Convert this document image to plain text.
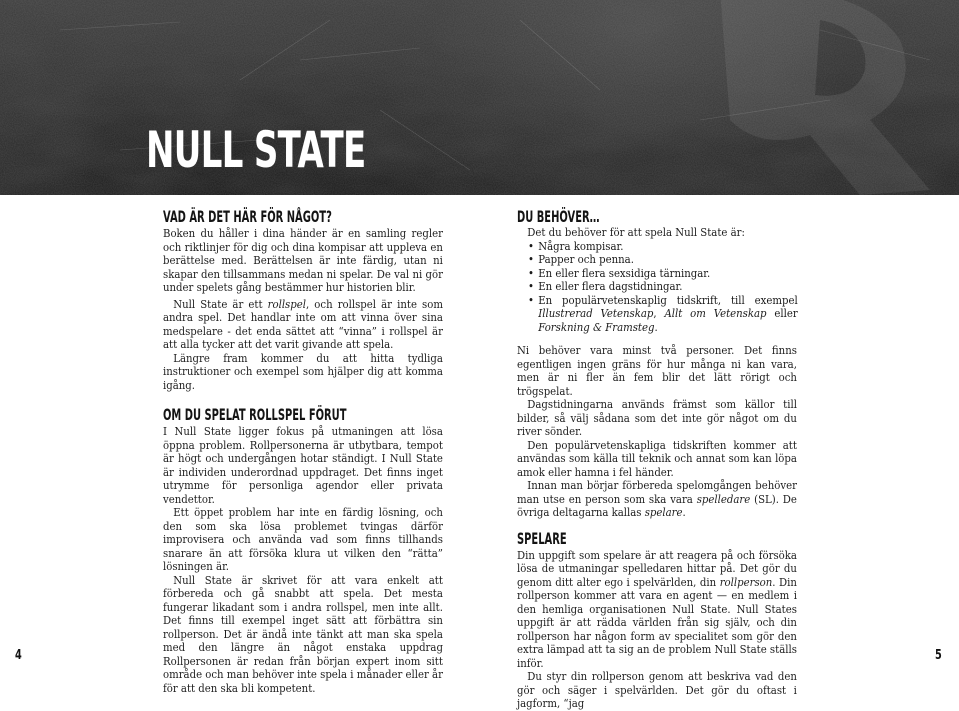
NULL STATE
VAD ÄR DET HÄR FÖR NÅGOT?
Boken du håller i dina händer är en samling regler och riktlinjer för dig och dina kompisar att uppleva en berättelse med. Berättelsen är inte färdig, utan ni skapar den tillsammans medan ni spelar. De val ni gör under spelets gång bestämmer hur historien blir.
Null State är ett rollspel, och rollspel är inte som andra spel. Det handlar inte om att vinna över sina medspelare - det enda sättet att “vinna” i rollspel är att alla tycker att det varit givande att spela.
Längre fram kommer du att hitta tydliga instruktioner och exempel som hjälper dig att komma igång.
OM DU SPELAT ROLLSPEL FÖRUT
I Null State ligger fokus på utmaningen att lösa öppna problem. Rollpersonerna är utbytbara, tempot är högt och undergången hotar ständigt. I Null State är individen underordnad uppdraget. Det finns inget utrymme för personliga agendor eller privata vendettor.
Ett öppet problem har inte en färdig lösning, och den som ska lösa problemet tvingas därför improvisera och använda vad som finns tillhands snarare än att försöka klura ut vilken den “rätta” lösningen är.
Null State är skrivet för att vara enkelt att förbereda och gå snabbt att spela. Det mesta fungerar likadant som i andra rollspel, men inte allt. Det finns till exempel inget sätt att förbättra sin rollperson. Det är ändå inte tänkt att man ska spela med den längre än något enstaka uppdrag Rollpersonen är redan från början expert inom sitt område och man behöver inte spela i månader eller år för att den ska bli kompetent.
DU BEHÖVER…
Det du behöver för att spela Null State är:
• Några kompisar.
• Papper och penna.
• En eller flera sexsidiga tärningar.
• En eller flera dagstidningar.
• En populärvetenskaplig tidskrift, till exempel Illustrerad Vetenskap, Allt om Vetenskap eller Forskning & Framsteg.
Ni behöver vara minst två personer. Det finns egentligen ingen gräns för hur många ni kan vara, men är ni fler än fem blir det lätt rörigt och trögspelat.
Dagstidningarna används främst som källor till bilder, så välj sådana som det inte gör något om du river sönder.
Den populärvetenskapliga tidskriften kommer att användas som källa till teknik och annat som kan löpa amok eller hamna i fel händer.
Innan man börjar förbereda spelomgången behöver man utse en person som ska vara spelledare (SL). De övriga deltagarna kallas spelare.
SPELARE
Din uppgift som spelare är att reagera på och försöka lösa de utmaningar spelledaren hittar på. Det gör du genom ditt alter ego i spelvärlden, din rollperson. Din rollperson kommer att vara en agent — en medlem i den hemliga organisationen Null State. Null States uppgift är att rädda världen från sig själv, och din rollperson har någon form av specialitet som gör den extra lämpad att ta sig an de problem Null State ställs inför.
Du styr din rollperson genom att beskriva vad den gör och säger i spelvärlden. Det gör du oftast i jagform, “jag
4	5
